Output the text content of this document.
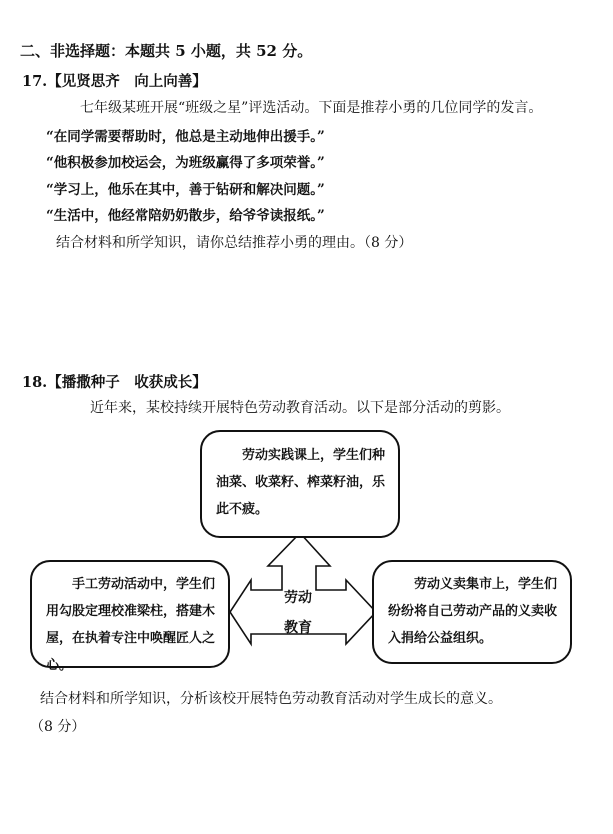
二、非选择题：本题共 5 小题，共 52 分。
17.【见贤思齐　向上向善】
七年级某班开展“班级之星”评选活动。下面是推荐小勇的几位同学的发言。
“在同学需要帮助时，他总是主动地伸出援手。”
“他积极参加校运会，为班级赢得了多项荣誉。”
“学习上，他乐在其中，善于钻研和解决问题。”
“生活中，他经常陪奶奶散步，给爷爷读报纸。”
结合材料和所学知识，请你总结推荐小勇的理由。（8 分）
18.【播撒种子　收获成长】
近年来，某校持续开展特色劳动教育活动。以下是部分活动的剪影。
劳动实践课上，学生们种油菜、收菜籽、榨菜籽油，乐此不疲。
手工劳动活动中，学生们用勾股定理校准梁柱，搭建木屋，在执着专注中唤醒匠人之心。
劳动义卖集市上，学生们纷纷将自己劳动产品的义卖收入捐给公益组织。
劳动
教育
结合材料和所学知识，分析该校开展特色劳动教育活动对学生成长的意义。
（8 分）
